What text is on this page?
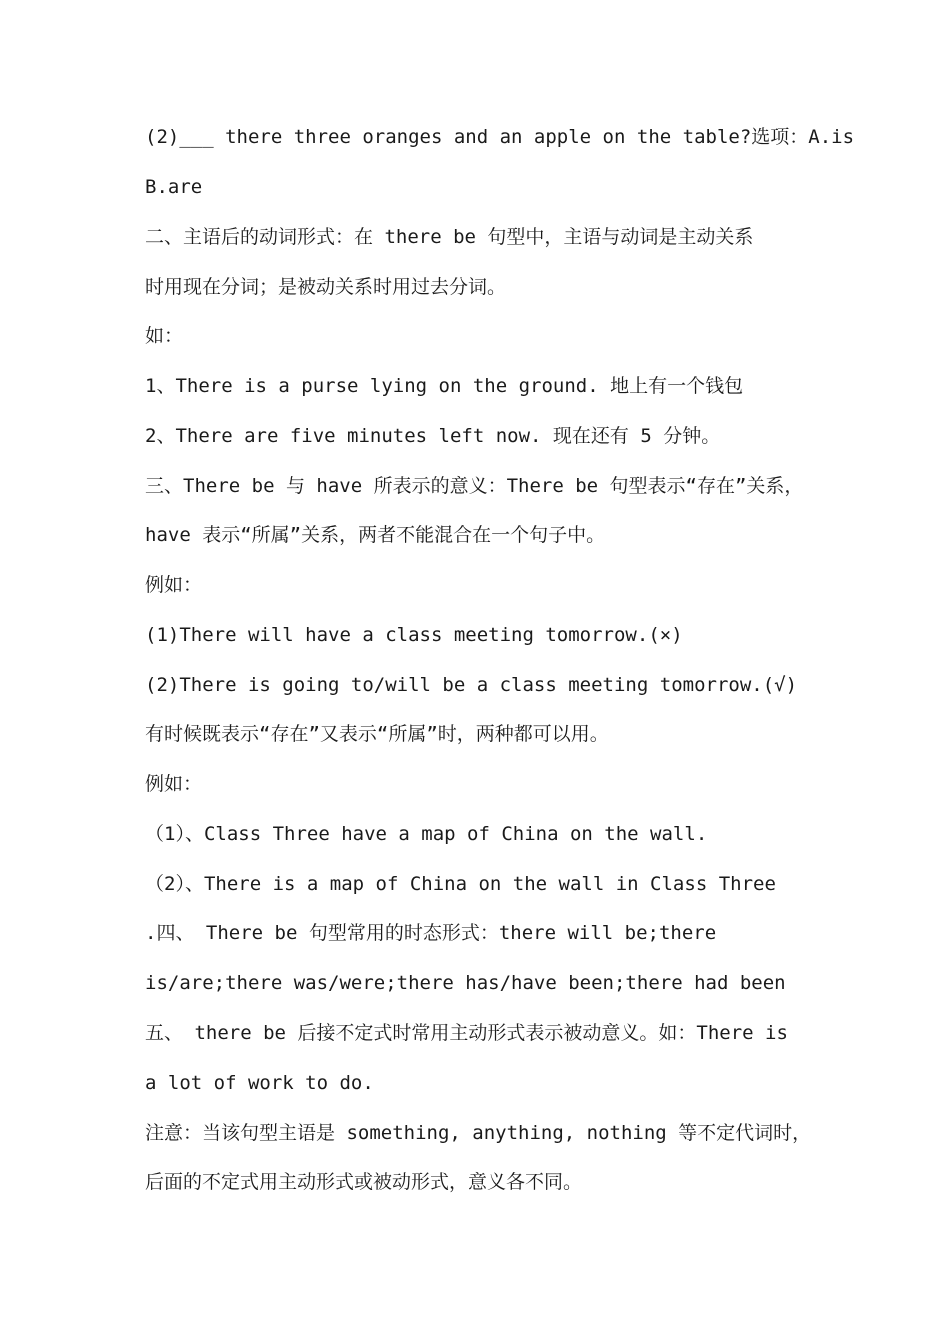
(2)___ there three oranges and an apple on the table?选项：A.is
B.are
二、主语后的动词形式：在 there be 句型中，主语与动词是主动关系
时用现在分词；是被动关系时用过去分词。
如：
1、There is a purse lying on the ground. 地上有一个钱包
2、There are five minutes left now. 现在还有 5 分钟。
三、There be 与 have 所表示的意义：There be 句型表示“存在”关系，
have 表示“所属”关系，两者不能混合在一个句子中。
例如：
(1)There will have a class meeting tomorrow.(×)
(2)There is going to/will be a class meeting tomorrow.(√)
有时候既表示“存在”又表示“所属”时，两种都可以用。
例如：
（1）、Class Three have a map of China on the wall.
（2）、There is a map of China on the wall in Class Three
.四、 There be 句型常用的时态形式：there will be;there
is/are;there was/were;there has/have been;there had been
五、 there be 后接不定式时常用主动形式表示被动意义。如：There is
a lot of work to do.
注意：当该句型主语是 something, anything, nothing 等不定代词时，
后面的不定式用主动形式或被动形式，意义各不同。
